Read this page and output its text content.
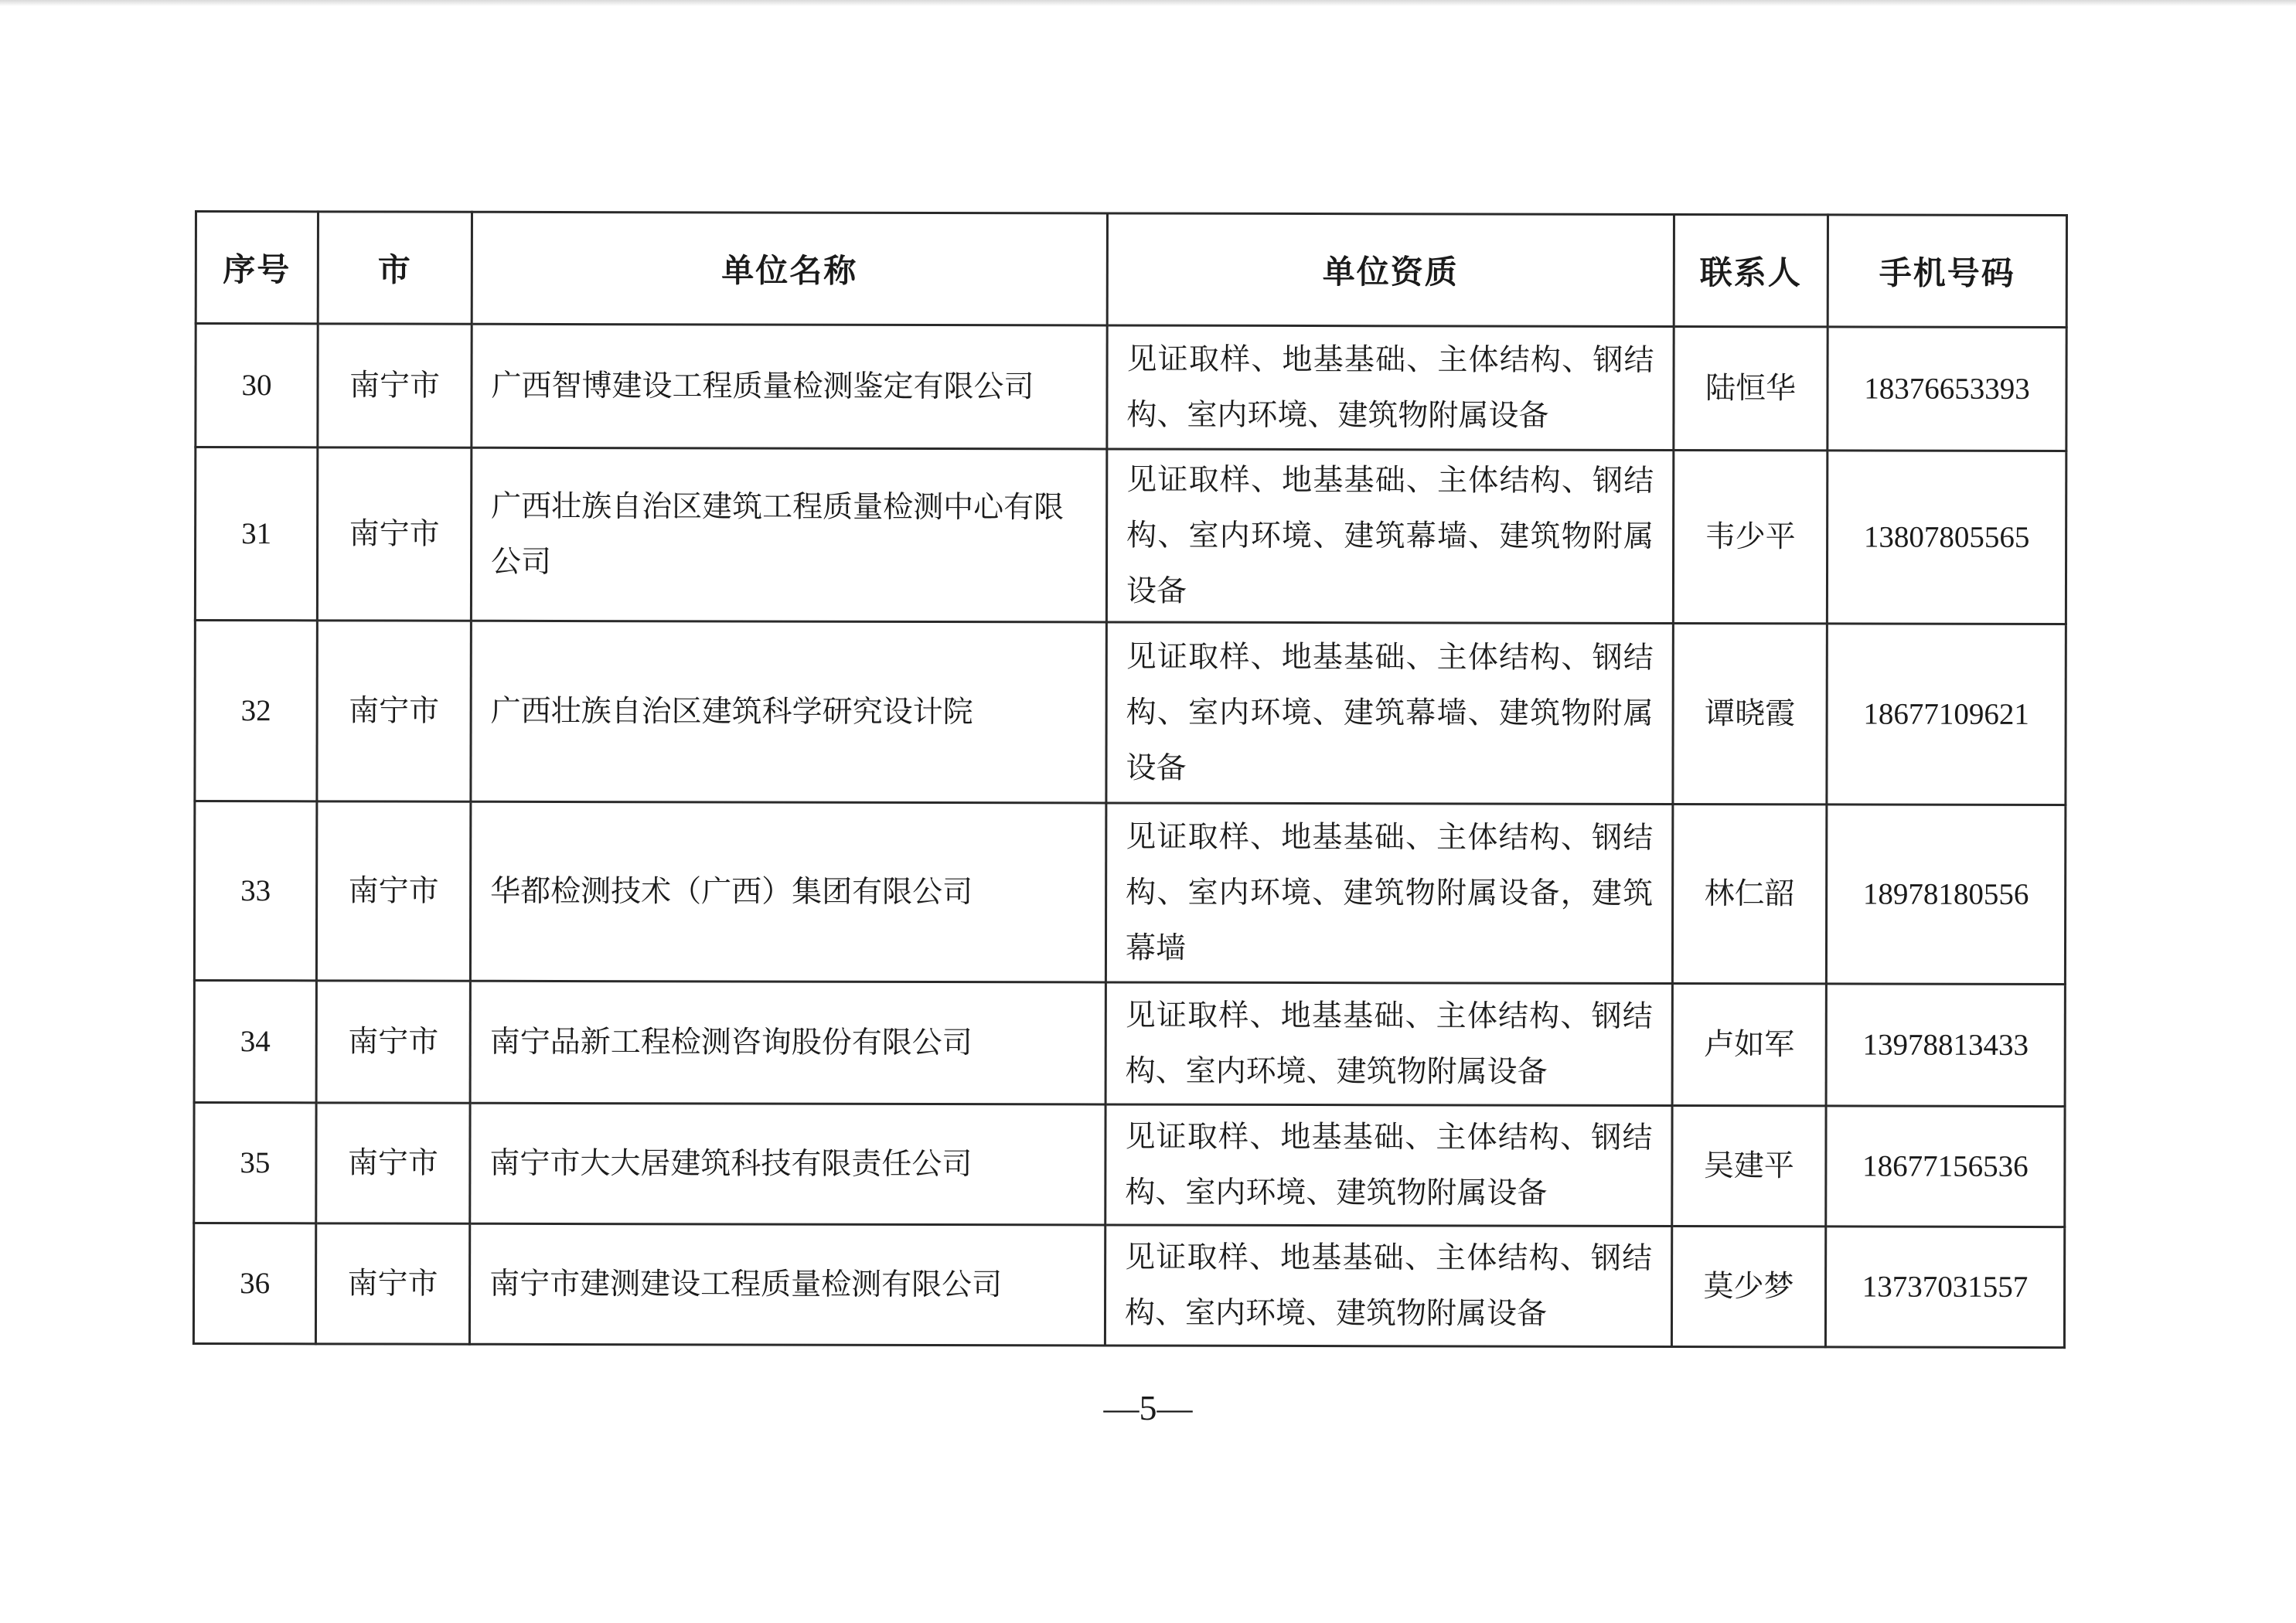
序号	市	单位名称	单位资质	联系人	手机号码
30	南宁市	广西智博建设工程质量检测鉴定有限公司	见证取样、地基基础、主体结构、钢结构、室内环境、建筑物附属设备	陆恒华	18376653393
31	南宁市	广西壮族自治区建筑工程质量检测中心有限公司	见证取样、地基基础、主体结构、钢结构、室内环境、建筑幕墙、建筑物附属设备	韦少平	13807805565
32	南宁市	广西壮族自治区建筑科学研究设计院	见证取样、地基基础、主体结构、钢结构、室内环境、建筑幕墙、建筑物附属设备	谭晓霞	18677109621
33	南宁市	华都检测技术（广西）集团有限公司	见证取样、地基基础、主体结构、钢结构、室内环境、建筑物附属设备，建筑幕墙	林仁韶	18978180556
34	南宁市	南宁品新工程检测咨询股份有限公司	见证取样、地基基础、主体结构、钢结构、室内环境、建筑物附属设备	卢如军	13978813433
35	南宁市	南宁市大大居建筑科技有限责任公司	见证取样、地基基础、主体结构、钢结构、室内环境、建筑物附属设备	吴建平	18677156536
36	南宁市	南宁市建测建设工程质量检测有限公司	见证取样、地基基础、主体结构、钢结构、室内环境、建筑物附属设备	莫少梦	13737031557
—5—
